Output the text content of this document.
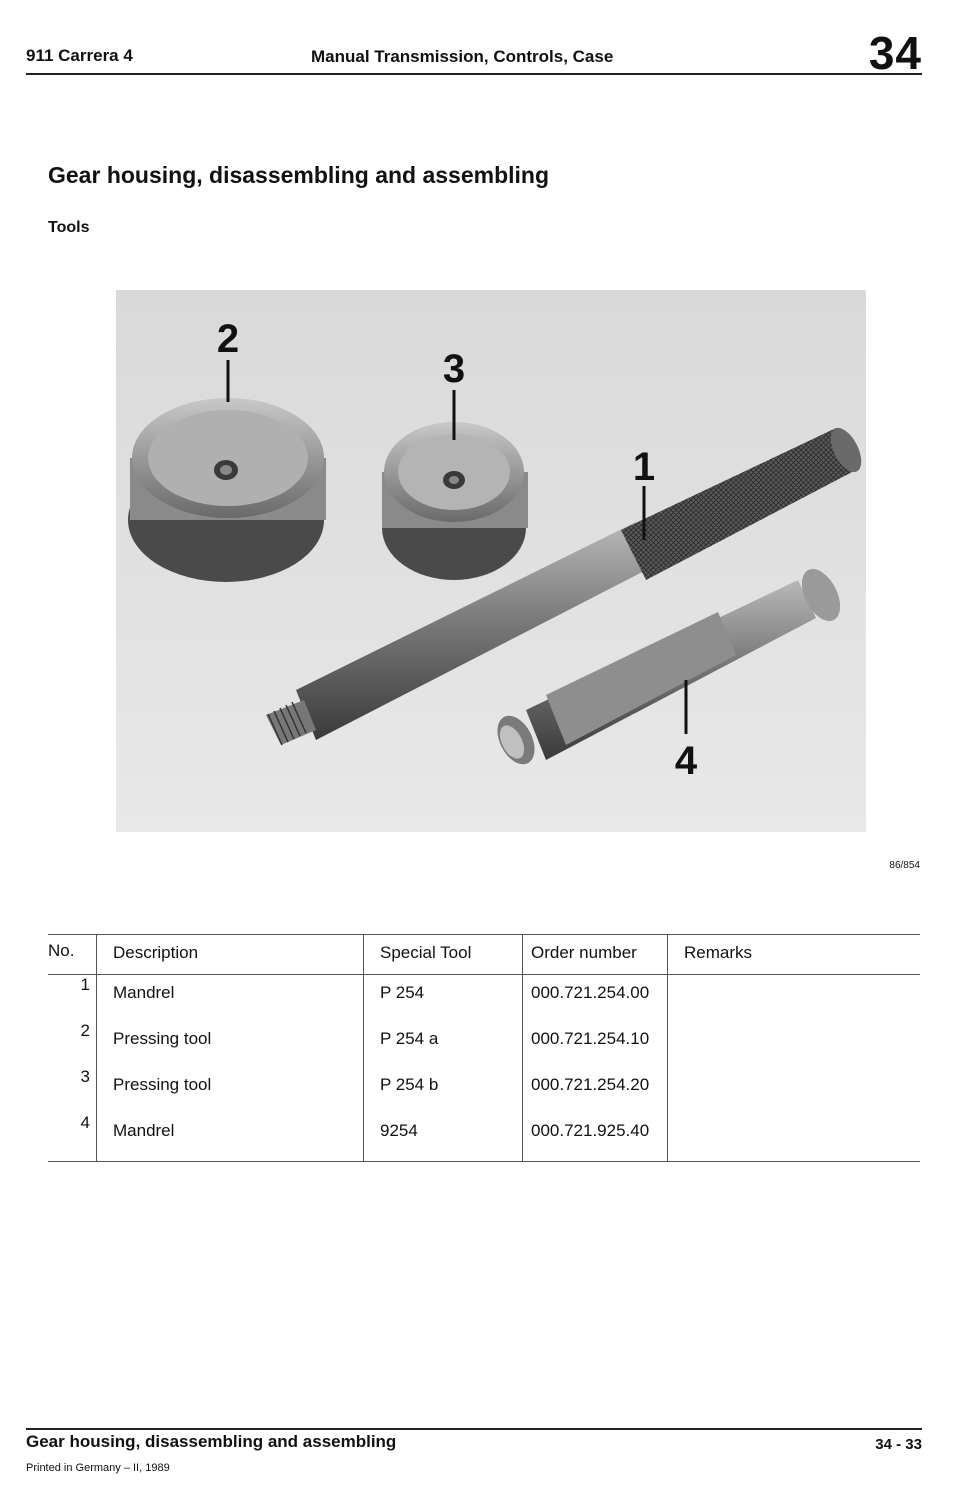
911 Carrera 4	Manual Transmission, Controls, Case	34
Gear housing, disassembling and assembling
Tools
2
3
1
4
86/854
No.	Description	Special Tool	Order number	Remarks
1	Mandrel	P 254	000.721.254.00	
2	Pressing tool	P 254 a	000.721.254.10	
3	Pressing tool	P 254 b	000.721.254.20	
4	Mandrel	9254	000.721.925.40	
Gear housing, disassembling and assembling	34 - 33
Printed in Germany – II, 1989
